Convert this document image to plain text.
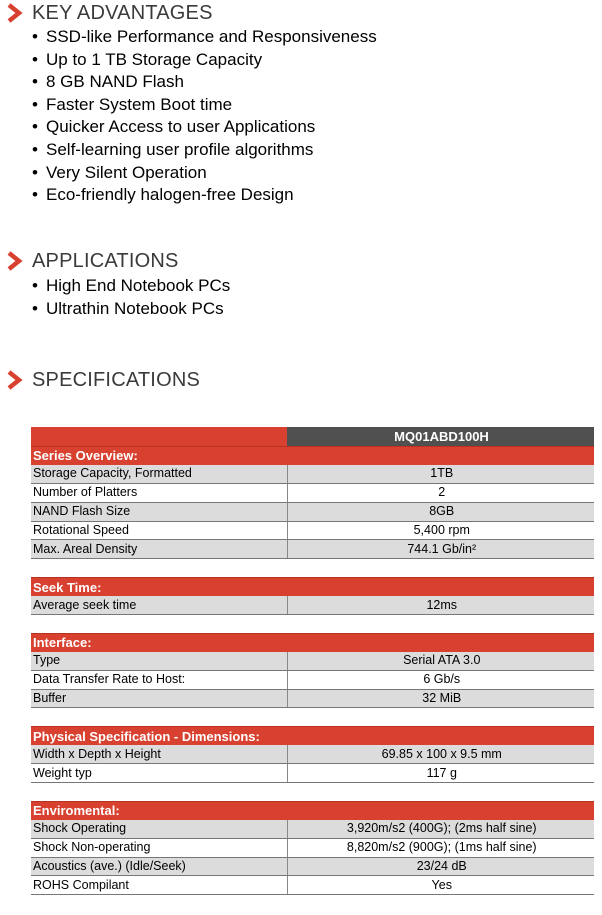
KEY ADVANTAGES
• SSD-like Performance and Responsiveness
• Up to 1 TB Storage Capacity
• 8 GB NAND Flash
• Faster System Boot time
• Quicker Access to user Applications
• Self-learning user profile algorithms
• Very Silent Operation
• Eco-friendly halogen-free Design
APPLICATIONS
• High End Notebook PCs
• Ultrathin Notebook PCs
SPECIFICATIONS
	MQ01ABD100H
Series Overview:	
Storage Capacity, Formatted	1TB
Number of Platters	2
NAND Flash Size	8GB
Rotational Speed	5,400 rpm
Max. Areal Density	744.1 Gb/in²

Seek Time:	
Average seek time	12ms

Interface:	
Type	Serial ATA 3.0
Data Transfer Rate to Host:	6 Gb/s
Buffer	32 MiB

Physical Specification - Dimensions:	
Width x Depth x Height	69.85 x 100 x 9.5 mm
Weight typ	117 g

Enviromental:	
Shock Operating	3,920m/s2 (400G); (2ms half sine)
Shock Non-operating	8,820m/s2 (900G); (1ms half sine)
Acoustics (ave.) (Idle/Seek)	23/24 dB
ROHS Compilant	Yes
